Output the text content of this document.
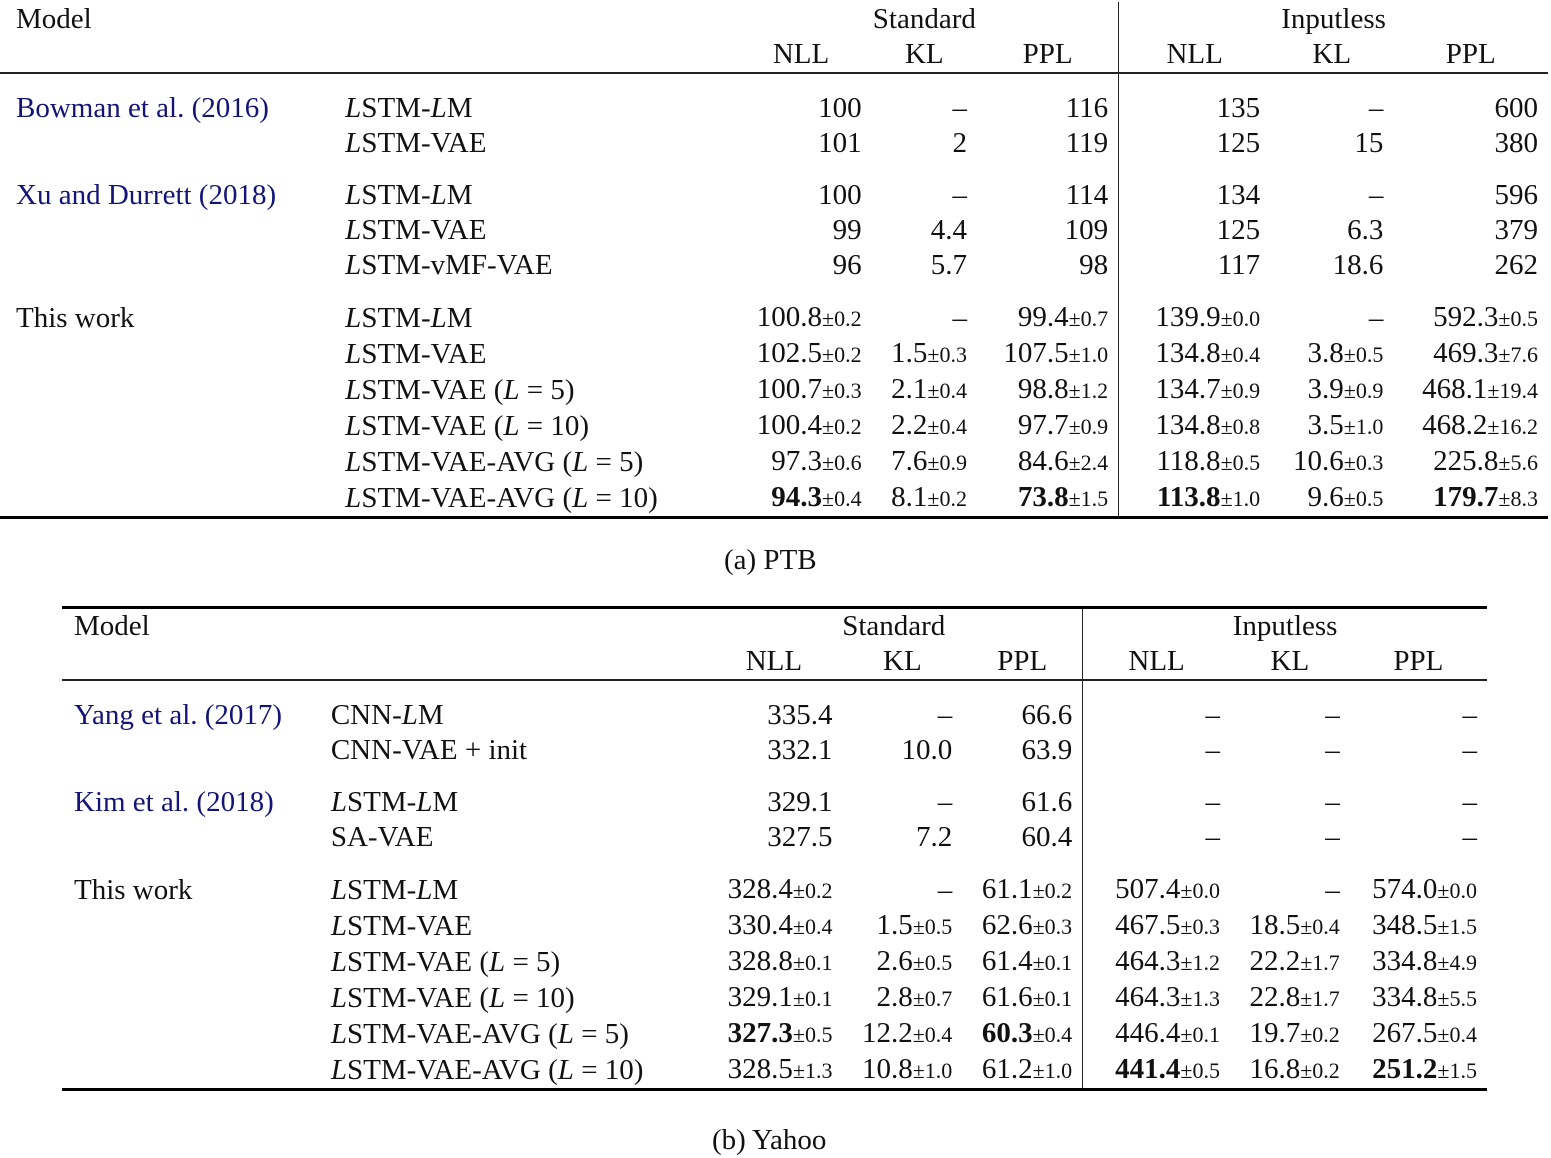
Model		Standard			Inputless		
		NLL	KL	PPL	NLL	KL	PPL

Bowman et al. (2016)	LSTM-LM	100	–	116	135	–	600
	LSTM-VAE	101	2	119	125	15	380

Xu and Durrett (2018)	LSTM-LM	100	–	114	134	–	596
	LSTM-VAE	99	4.4	109	125	6.3	379
	LSTM-vMF-VAE	96	5.7	98	117	18.6	262

This work	LSTM-LM	100.8±0.2	–	99.4±0.7	139.9±0.0	–	592.3±0.5
	LSTM-VAE	102.5±0.2	1.5±0.3	107.5±1.0	134.8±0.4	3.8±0.5	469.3±7.6
	LSTM-VAE (L = 5)	100.7±0.3	2.1±0.4	98.8±1.2	134.7±0.9	3.9±0.9	468.1±19.4
	LSTM-VAE (L = 10)	100.4±0.2	2.2±0.4	97.7±0.9	134.8±0.8	3.5±1.0	468.2±16.2
	LSTM-VAE-AVG (L = 5)	97.3±0.6	7.6±0.9	84.6±2.4	118.8±0.5	10.6±0.3	225.8±5.6
	LSTM-VAE-AVG (L = 10)	94.3±0.4	8.1±0.2	73.8±1.5	113.8±1.0	9.6±0.5	179.7±8.3
(a) PTB
Model		Standard			Inputless		
		NLL	KL	PPL	NLL	KL	PPL

Yang et al. (2017)	CNN-LM	335.4	–	66.6	–	–	–
	CNN-VAE + init	332.1	10.0	63.9	–	–	–

Kim et al. (2018)	LSTM-LM	329.1	–	61.6	–	–	–
	SA-VAE	327.5	7.2	60.4	–	–	–

This work	LSTM-LM	328.4±0.2	–	61.1±0.2	507.4±0.0	–	574.0±0.0
	LSTM-VAE	330.4±0.4	1.5±0.5	62.6±0.3	467.5±0.3	18.5±0.4	348.5±1.5
	LSTM-VAE (L = 5)	328.8±0.1	2.6±0.5	61.4±0.1	464.3±1.2	22.2±1.7	334.8±4.9
	LSTM-VAE (L = 10)	329.1±0.1	2.8±0.7	61.6±0.1	464.3±1.3	22.8±1.7	334.8±5.5
	LSTM-VAE-AVG (L = 5)	327.3±0.5	12.2±0.4	60.3±0.4	446.4±0.1	19.7±0.2	267.5±0.4
	LSTM-VAE-AVG (L = 10)	328.5±1.3	10.8±1.0	61.2±1.0	441.4±0.5	16.8±0.2	251.2±1.5
(b) Yahoo
